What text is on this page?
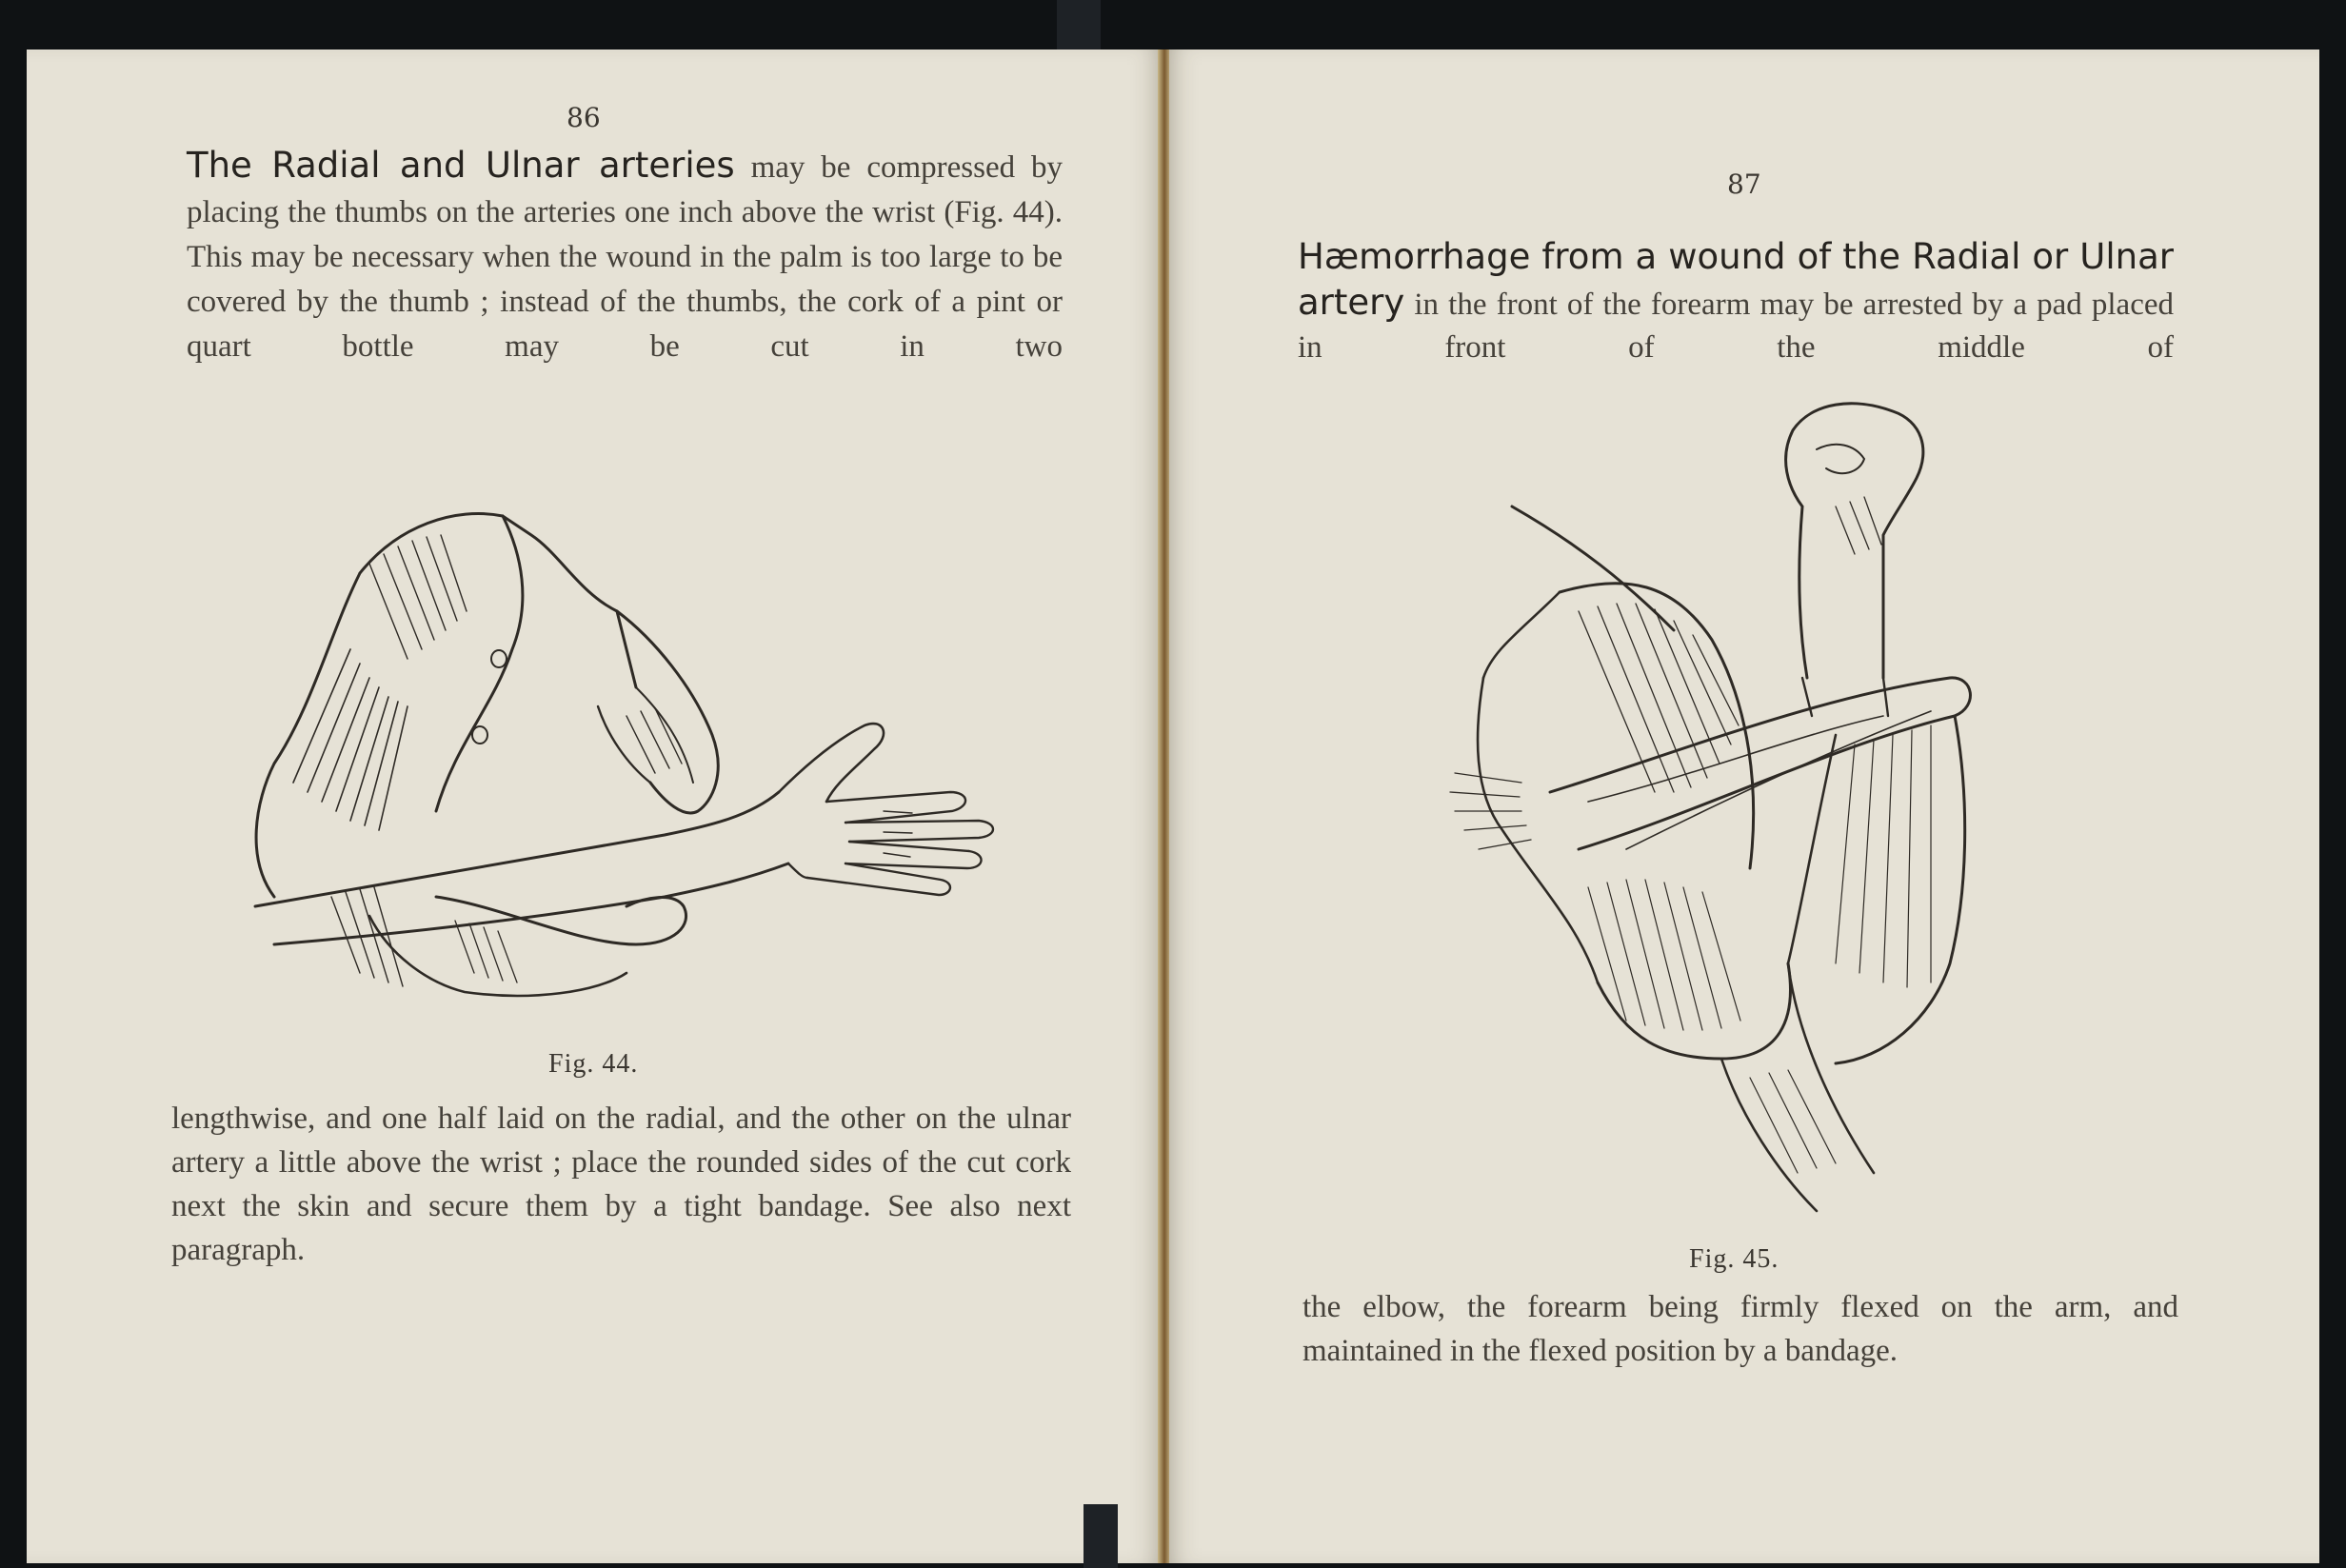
86
The Radial and Ulnar arteries may be compressed by placing the thumbs on the arteries one inch above the wrist (Fig. 44). This may be necessary when the wound in the palm is too large to be covered by the thumb ; instead of the thumbs, the cork of a pint or quart bottle may be cut in two
Fig. 44.
lengthwise, and one half laid on the radial, and the other on the ulnar artery a little above the wrist ; place the rounded sides of the cut cork next the skin and secure them by a tight bandage. See also next paragraph.
87
Hæmorrhage from a wound of the Radial or Ulnar artery in the front of the forearm may be arrested by a pad placed in front of the middle of
Fig. 45.
the elbow, the forearm being firmly flexed on the arm, and maintained in the flexed position by a bandage.
